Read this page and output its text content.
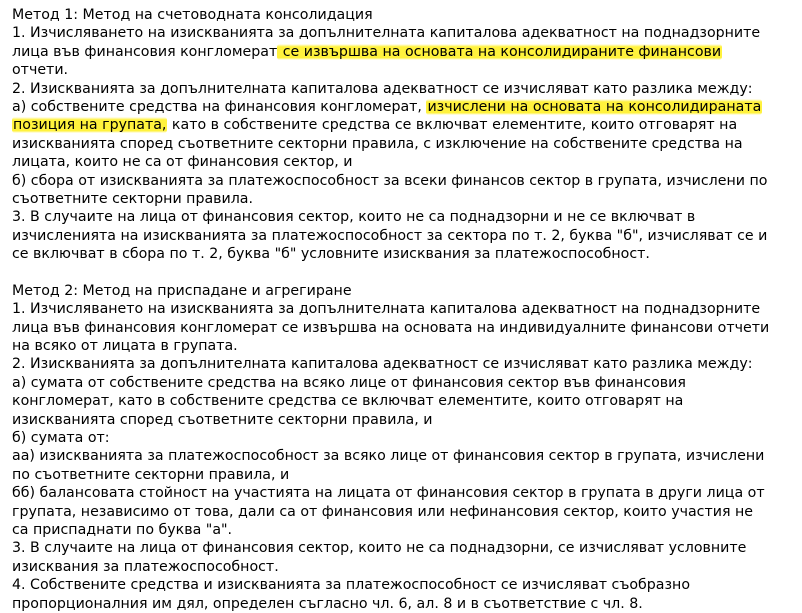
Метод 1: Метод на счетоводната консолидация
1. Изчисляването на изискванията за допълнителната капиталова адекватност на поднадзорните
лица във финансовия конгломерат се извършва на основата на консолидираните финансови
отчети.
2. Изискванията за допълнителната капиталова адекватност се изчисляват като разлика между:
а) собствените средства на финансовия конгломерат, изчислени на основата на консолидираната
позиция на групата, като в собствените средства се включват елементите, които отговарят на
изискванията според съответните секторни правила, с изключение на собствените средства на
лицата, които не са от финансовия сектор, и
б) сбора от изискванията за платежоспособност за всеки финансов сектор в групата, изчислени по
съответните секторни правила.
3. В случаите на лица от финансовия сектор, които не са поднадзорни и не се включват в
изчисленията на изискванията за платежоспособност за сектора по т. 2, буква "б", изчисляват се и
се включват в сбора по т. 2, буква "б" условните изисквания за платежоспособност.
Метод 2: Метод на приспадане и агрегиране
1. Изчисляването на изискванията за допълнителната капиталова адекватност на поднадзорните
лица във финансовия конгломерат се извършва на основата на индивидуалните финансови отчети
на всяко от лицата в групата.
2. Изискванията за допълнителната капиталова адекватност се изчисляват като разлика между:
а) сумата от собствените средства на всяко лице от финансовия сектор във финансовия
конгломерат, като в собствените средства се включват елементите, които отговарят на
изискванията според съответните секторни правила, и
б) сумата от:
аа) изискванията за платежоспособност за всяко лице от финансовия сектор в групата, изчислени
по съответните секторни правила, и
бб) балансовата стойност на участията на лицата от финансовия сектор в групата в други лица от
групата, независимо от това, дали са от финансовия или нефинансовия сектор, които участия не
са приспаднати по буква "а".
3. В случаите на лица от финансовия сектор, които не са поднадзорни, се изчисляват условните
изисквания за платежоспособност.
4. Собствените средства и изискванията за платежоспособност се изчисляват съобразно
пропорционалния им дял, определен съгласно чл. 6, ал. 8 и в съответствие с чл. 8.
